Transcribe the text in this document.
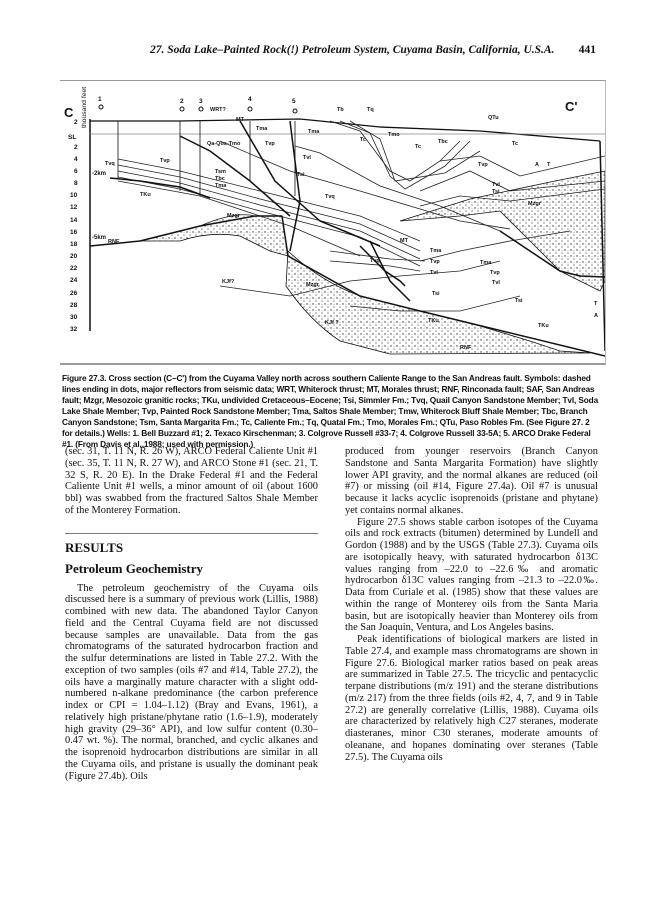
27. Soda Lake–Painted Rock(!) Petroleum System, Cuyama Basin, California, U.S.A. 441
C	C'
thousand feet
2
SL
2
4
6
8
10
12
14
16
18
20
22
24
26
28
30
32
-2km
-5km
1	2 3	4	5
WRT?
MT
Qa-Qos-Tmo
Tma
Tvp
Tvq	Tvp
Tsm
Tbc
Tma
Tsi
Tvl
TKu	Tvq
Tb
Tma
Tq
Tmo
Tc
Tc
Tbc
QTu
Tc
Tvp	A T
Tvl
Tsi
Mzgr
Mzgr
Mzgr
RNF
KJf?
KJf ?
MT
Tma
Tvp
Tvl
Tvq
Tsi
Tma
Tvp
Tvl
Tsi
TKu
TKu
RNF
T
A
Figure 27.3. Cross section (C–C') from the Cuyama Valley north across southern Caliente Range to the San Andreas fault. Symbols: dashed lines ending in dots, major reflectors from seismic data; WRT, Whiterock thrust; MT, Morales thrust; RNF, Rinconada fault; SAF, San Andreas fault; Mzgr, Mesozoic granitic rocks; TKu, undivided Cretaceous–Eocene; Tsi, Simmler Fm.; Tvq, Quail Canyon Sandstone Member; Tvl, Soda Lake Shale Member; Tvp, Painted Rock Sandstone Member; Tma, Saltos Shale Member; Tmw, Whiterock Bluff Shale Member; Tbc, Branch Canyon Sandstone; Tsm, Santa Margarita Fm.; Tc, Caliente Fm.; Tq, Quatal Fm.; Tmo, Morales Fm.; QTu, Paso Robles Fm. (See Figure 27. 2 for details.) Wells: 1. Bell Buzzard #1; 2. Texaco Kirschenman; 3. Colgrove Russell #33-7; 4. Colgrove Russell 33-5A; 5. ARCO Drake Federal #1. (From Davis et al.,1988; used with permission.)

(sec. 31, T. 11 N, R. 26 W), ARCO Federal Caliente Unit #1 (sec. 35, T. 11 N, R. 27 W), and ARCO Stone #1 (sec. 21, T. 32 S, R. 20 E). In the Drake Federal #1 and the Federal Caliente Unit #1 wells, a minor amount of oil (about 1600 bbl) was swabbed from the fractured Saltos Shale Member of the Monterey Formation.

RESULTS
Petroleum Geochemistry

The petroleum geochemistry of the Cuyama oils discussed here is a summary of previous work (Lillis, 1988) combined with new data. The abandoned Taylor Canyon field and the Central Cuyama field are not discussed because samples are unavailable. Data from the gas chromatograms of the saturated hydrocarbon fraction and the sulfur determinations are listed in Table 27.2. With the exception of two samples (oils #7 and #14, Table 27.2), the oils have a marginally mature character with a slight odd-numbered n-alkane predominance (the carbon preference index or CPI = 1.04–1.12) (Bray and Evans, 1961), a relatively high pristane/phytane ratio (1.6–1.9), moderately high gravity (29–36° API), and low sulfur content (0.30–0.47 wt. %). The normal, branched, and cyclic alkanes and the isoprenoid hydrocarbon distributions are similar in all the Cuyama oils, and pristane is usually the dominant peak (Figure 27.4b). Oils

produced from younger reservoirs (Branch Canyon Sandstone and Santa Margarita Formation) have slightly lower API gravity, and the normal alkanes are reduced (oil #7) or missing (oil #14, Figure 27.4a). Oil #7 is unusual because it lacks acyclic isoprenoids (pristane and phytane) yet contains normal alkanes.

Figure 27.5 shows stable carbon isotopes of the Cuyama oils and rock extracts (bitumen) determined by Lundell and Gordon (1988) and by the USGS (Table 27.3). Cuyama oils are isotopically heavy, with saturated hydrocarbon δ13C values ranging from –22.0 to –22.6‰ and aromatic hydrocarbon δ13C values ranging from –21.3 to –22.0‰. Data from Curiale et al. (1985) show that these values are within the range of Monterey oils from the Santa Maria basin, but are isotopically heavier than Monterey oils from the San Joaquin, Ventura, and Los Angeles basins.

Peak identifications of biological markers are listed in Table 27.4, and example mass chromatograms are shown in Figure 27.6. Biological marker ratios based on peak areas are summarized in Table 27.5. The tricyclic and pentacyclic terpane distributions (m/z 191) and the sterane distributions (m/z 217) from the three fields (oils #2, 4, 7, and 9 in Table 27.2) are generally correlative (Lillis, 1988). Cuyama oils are characterized by relatively high C27 steranes, moderate diasteranes, minor C30 steranes, moderate amounts of oleanane, and hopanes dominating over steranes (Table 27.5). The Cuyama oils
